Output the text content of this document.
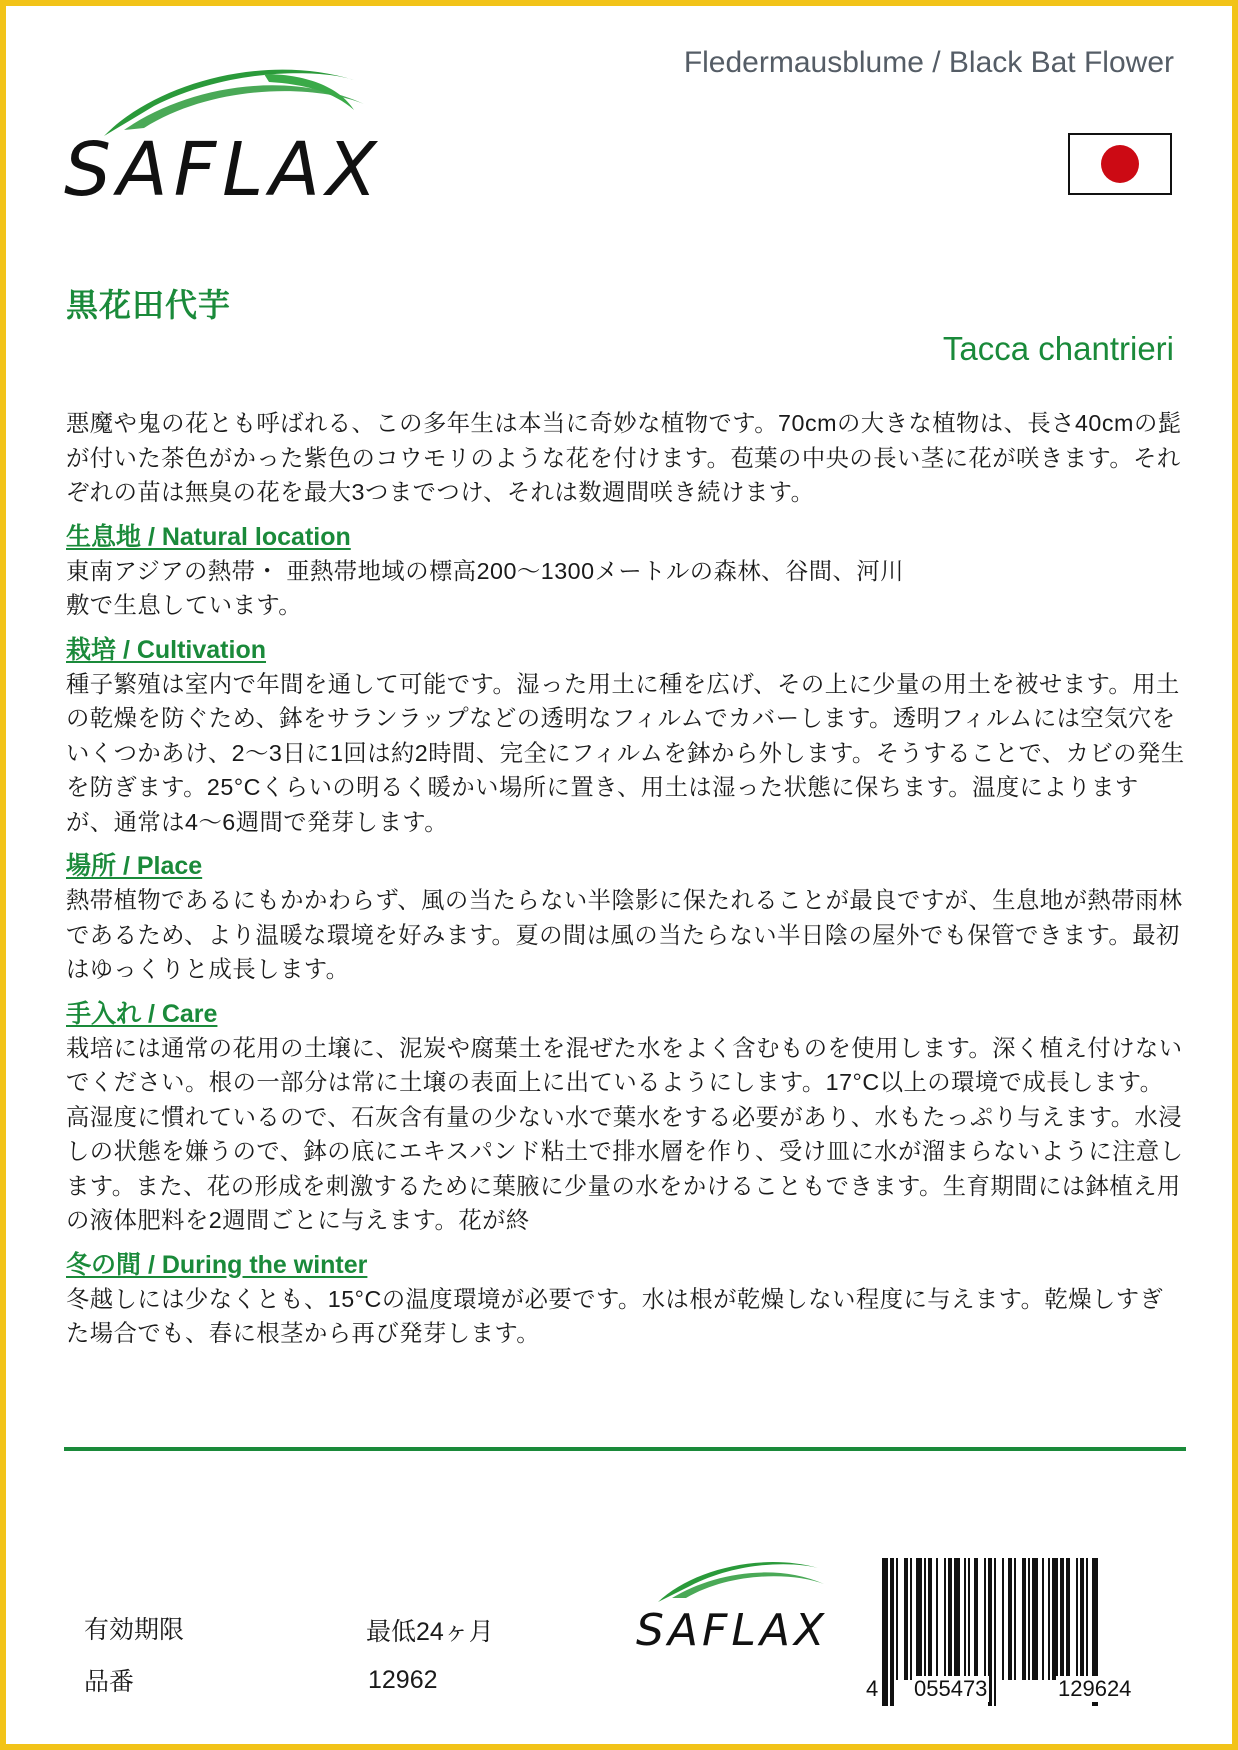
SAFLAX
Fledermausblume / Black Bat Flower
黒花田代芋
Tacca chantrieri

悪魔や鬼の花とも呼ばれる、この多年生は本当に奇妙な植物です。70cmの大きな植物は、長さ40cmの髭が付いた茶色がかった紫色のコウモリのような花を付けます。苞葉の中央の長い茎に花が咲きます。それぞれの苗は無臭の花を最大3つまでつけ、それは数週間咲き続けます。

生息地 / Natural location

東南アジアの熱帯・ 亜熱帯地域の標高200〜1300メートルの森林、谷間、河川

敷で生息しています。

栽培 / Cultivation

種子繁殖は室内で年間を通して可能です。湿った用土に種を広げ、その上に少量の用土を被せます。用土の乾燥を防ぐため、鉢をサランラップなどの透明なフィルムでカバーします。透明フィルムには空気穴をいくつかあけ、2～3日に1回は約2時間、完全にフィルムを鉢から外します。そうすることで、カビの発生を防ぎます。25°Cくらいの明るく暖かい場所に置き、用土は湿った状態に保ちます。温度によりますが、通常は4〜6週間で発芽します。

場所 / Place

熱帯植物であるにもかかわらず、風の当たらない半陰影に保たれることが最良ですが、生息地が熱帯雨林であるため、より温暖な環境を好みます。夏の間は風の当たらない半日陰の屋外でも保管できます。最初はゆっくりと成長します。

手入れ / Care

栽培には通常の花用の土壌に、泥炭や腐葉土を混ぜた水をよく含むものを使用します。深く植え付けないでください。根の一部分は常に土壌の表面上に出ているようにします。17°C以上の環境で成長します。高湿度に慣れているので、石灰含有量の少ない水で葉水をする必要があり、水もたっぷり与えます。水浸しの状態を嫌うので、鉢の底にエキスパンド粘土で排水層を作り、受け皿に水が溜まらないように注意します。また、花の形成を刺激するために葉腋に少量の水をかけることもできます。生育期間には鉢植え用の液体肥料を2週間ごとに与えます。花が終

冬の間 / During the winter

冬越しには少なくとも、15°Cの温度環境が必要です。水は根が乾燥しない程度に与えます。乾燥しすぎた場合でも、春に根茎から再び発芽します。

有効期限	最低24ヶ月
品番	12962
SAFLAX
4 055473	129624
